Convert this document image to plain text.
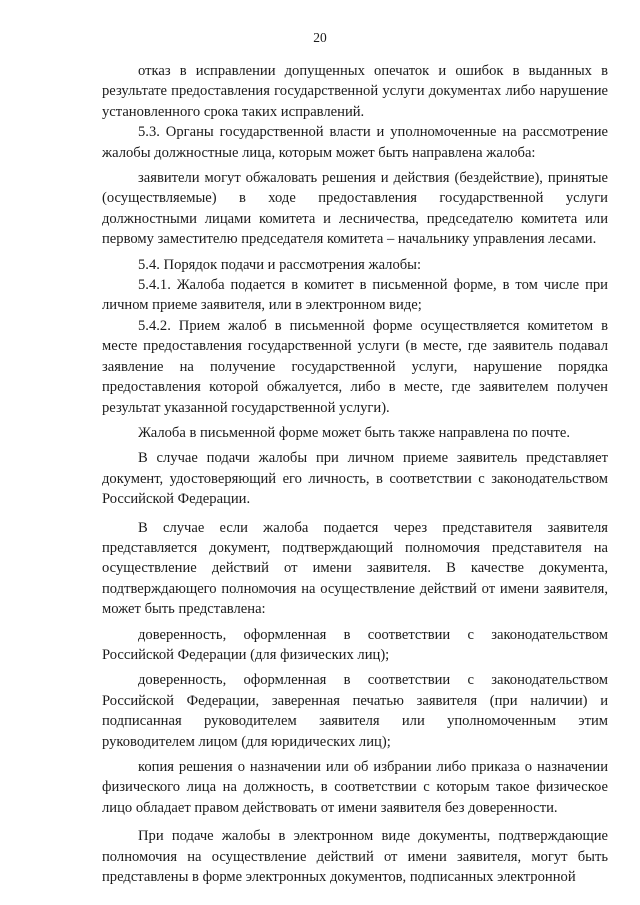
20

отказ в исправлении допущенных опечаток и ошибок в выданных в результате предоставления государственной услуги документах либо нарушение установленного срока таких исправлений.

5.3. Органы государственной власти и уполномоченные на рассмотрение жалобы должностные лица, которым может быть направлена жалоба:

заявители могут обжаловать решения и действия (бездействие), принятые (осуществляемые) в ходе предоставления государственной услуги должностными лицами комитета и лесничества, председателю комитета или первому заместителю председателя комитета – начальнику управления лесами.

5.4. Порядок подачи и рассмотрения жалобы:

5.4.1. Жалоба подается в комитет в письменной форме, в том числе при личном приеме заявителя, или в электронном виде;

5.4.2. Прием жалоб в письменной форме осуществляется комитетом в месте предоставления государственной услуги (в месте, где заявитель подавал заявление на получение государственной услуги, нарушение порядка предоставления которой обжалуется, либо в месте, где заявителем получен результат указанной государственной услуги).

Жалоба в письменной форме может быть также направлена по почте.

В случае подачи жалобы при личном приеме заявитель представляет документ, удостоверяющий его личность, в соответствии с законодательством Российской Федерации.

В случае если жалоба подается через представителя заявителя представляется документ, подтверждающий полномочия представителя на осуществление действий от имени заявителя. В качестве документа, подтверждающего полномочия на осуществление действий от имени заявителя, может быть представлена:

доверенность, оформленная в соответствии с законодательством Российской Федерации (для физических лиц);

доверенность, оформленная в соответствии с законодательством Российской Федерации, заверенная печатью заявителя (при наличии) и подписанная руководителем заявителя или уполномоченным этим руководителем лицом (для юридических лиц);

копия решения о назначении или об избрании либо приказа о назначении физического лица на должность, в соответствии с которым такое физическое лицо обладает правом действовать от имени заявителя без доверенности.

При подаче жалобы в электронном виде документы, подтверждающие полномочия на осуществление действий от имени заявителя, могут быть представлены в форме электронных документов, подписанных электронной
